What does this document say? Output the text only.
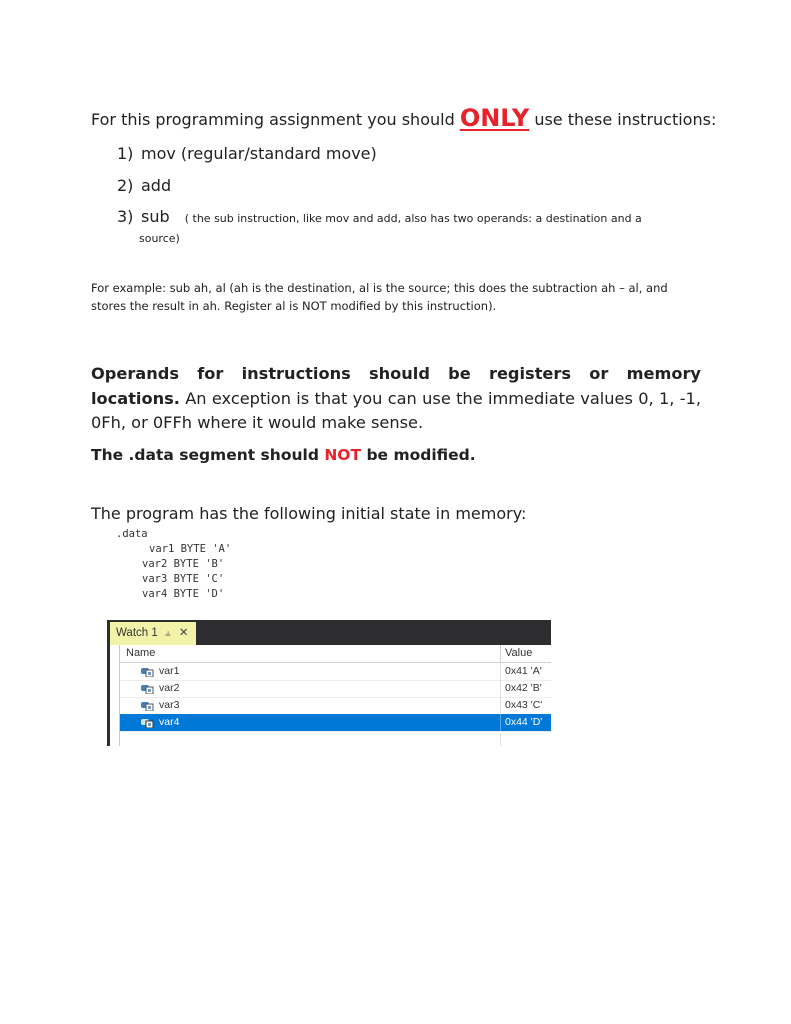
For this programming assignment you should ONLY use these instructions:
1) mov (regular/standard move)
2) add
3) sub ( the sub instruction, like mov and add, also has two operands: a destination and a
source)
For example: sub ah, al (ah is the destination, al is the source; this does the subtraction ah – al, and
stores the result in ah. Register al is NOT modified by this instruction).
Operands for instructions should be registers or memory locations. An exception is that you can use the immediate values 0, 1, -1, 0Fh, or 0FFh where it would make sense.
The .data segment should NOT be modified.
The program has the following initial state in memory:
.data
var1 BYTE 'A'
var2 BYTE 'B'
var3 BYTE 'C'
var4 BYTE 'D'
Watch 1 ⫨ ✕
Name	Value
var1	0x41 'A'
var2	0x42 'B'
var3	0x43 'C'
var4	0x44 'D'
